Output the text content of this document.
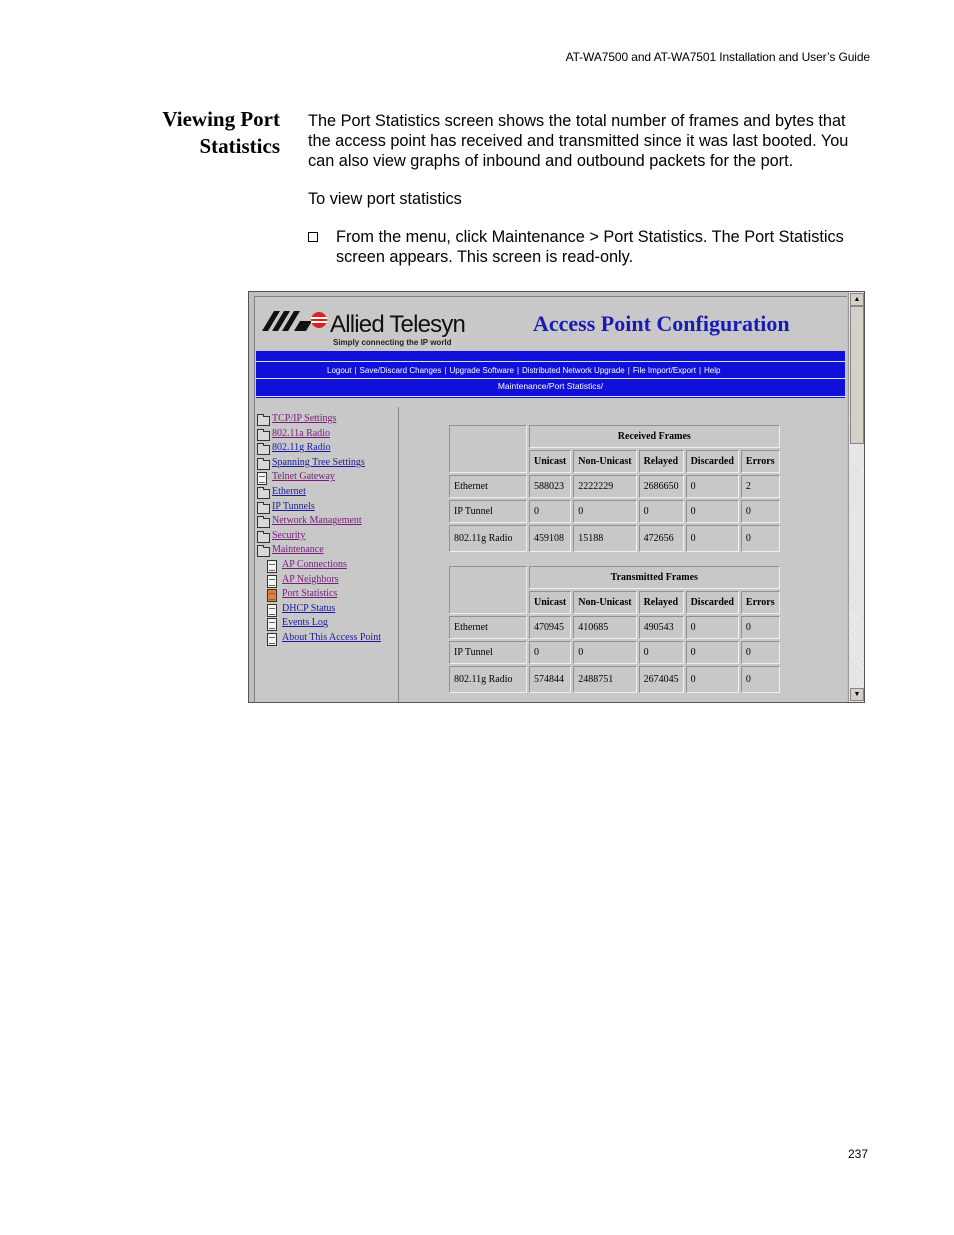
AT-WA7500 and AT-WA7501 Installation and User’s Guide
Viewing Port Statistics
The Port Statistics screen shows the total number of frames and bytes that the access point has received and transmitted since it was last booted. You can also view graphs of inbound and outbound packets for the port.
To view port statistics
From the menu, click Maintenance > Port Statistics. The Port Statistics screen appears. This screen is read-only.
Allied Telesyn
Simply connecting the IP world
Access Point Configuration
Logout | Save/Discard Changes | Upgrade Software | Distributed Network Upgrade | File Import/Export | Help
Maintenance/Port Statistics/
TCP/IP Settings
802.11a Radio
802.11g Radio
Spanning Tree Settings
Telnet Gateway
Ethernet
IP Tunnels
Network Management
Security
Maintenance
AP Connections
AP Neighbors
Port Statistics
DHCP Status
Events Log
About This Access Point
	Received Frames				
	Unicast	Non-Unicast	Relayed	Discarded	Errors
Ethernet	588023	2222229	2686650	0	2
IP Tunnel	0	0	0	0	0
802.11g Radio	459108	15188	472656	0	0
	Transmitted Frames				
	Unicast	Non-Unicast	Relayed	Discarded	Errors
Ethernet	470945	410685	490543	0	0
IP Tunnel	0	0	0	0	0
802.11g Radio	574844	2488751	2674045	0	0
▲
▼
237
